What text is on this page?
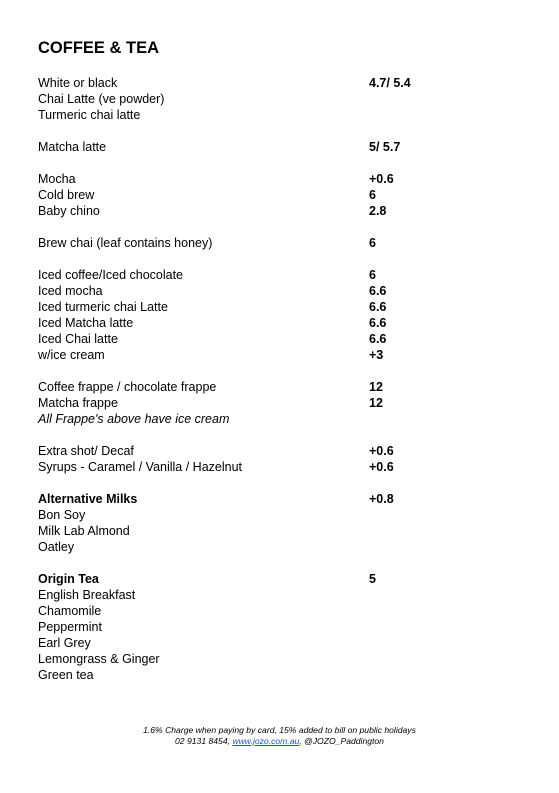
COFFEE & TEA
White or black	4.7/ 5.4
Chai Latte (ve powder)
Turmeric chai latte
Matcha latte	5/ 5.7
Mocha	+0.6
Cold brew	6
Baby chino	2.8
Brew chai (leaf contains honey)	6
Iced coffee/Iced chocolate	6
Iced mocha	6.6
Iced turmeric chai Latte	6.6
Iced Matcha latte	6.6
Iced Chai latte	6.6
w/ice cream	+3
Coffee frappe / chocolate frappe	12
Matcha frappe	12
All Frappe's above have ice cream
Extra shot/ Decaf	+0.6
Syrups - Caramel / Vanilla / Hazelnut	+0.6
Alternative Milks	+0.8
Bon Soy
Milk Lab Almond
Oatley
Origin Tea	5
English Breakfast
Chamomile
Peppermint
Earl Grey
Lemongrass & Ginger
Green tea
1.6% Charge when paying by card, 15% added to bill on public holidays
02 9131 8454, www.jozo.com.au, @JOZO_Paddington
